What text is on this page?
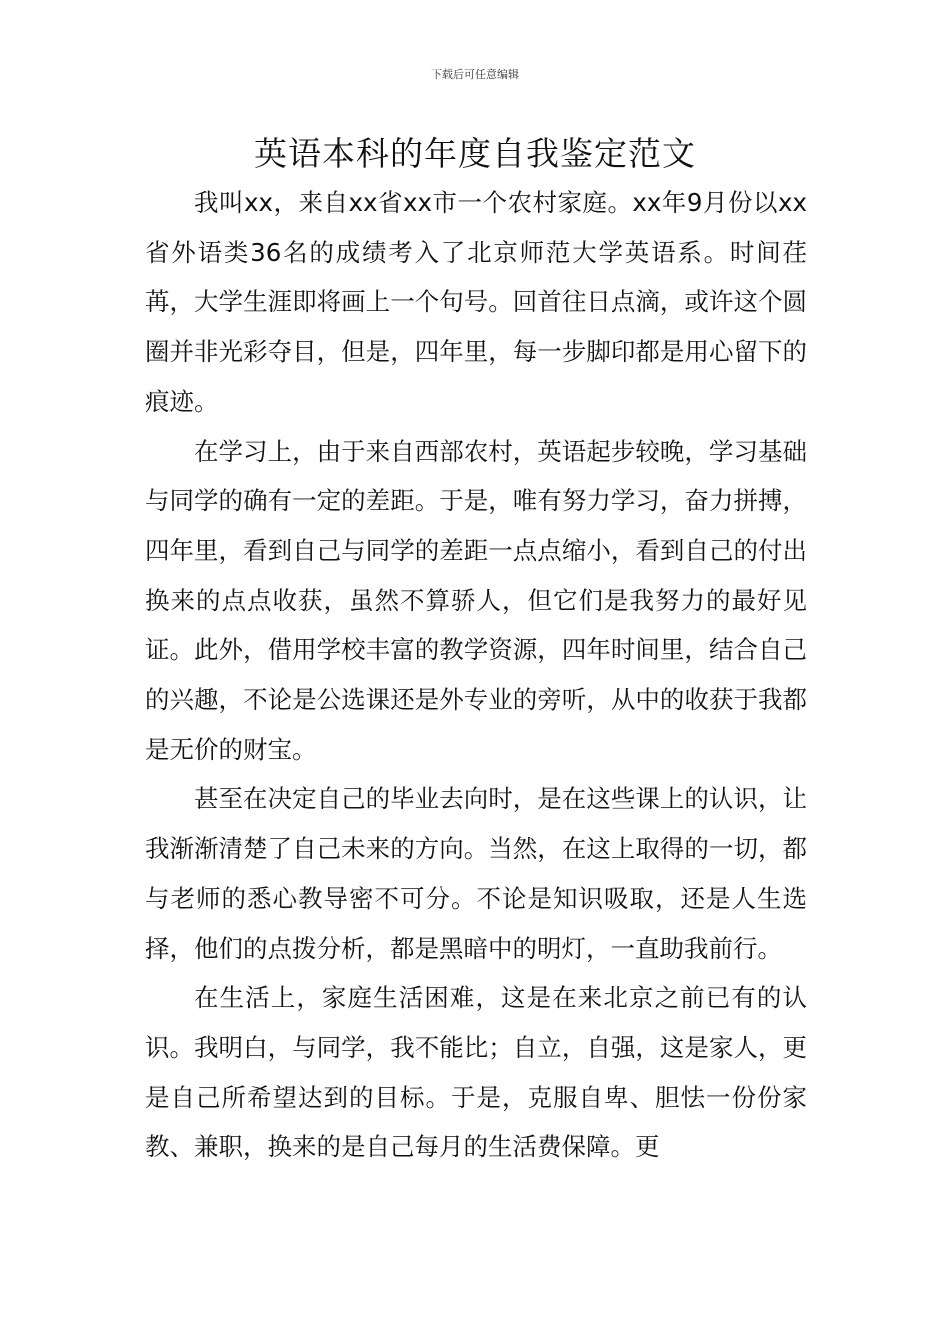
下载后可任意编辑
英语本科的年度自我鉴定范文

我叫xx，来自xx省xx市一个农村家庭。xx年9月份以xx省外语类36名的成绩考入了北京师范大学英语系。时间荏苒，大学生涯即将画上一个句号。回首往日点滴，或许这个圆圈并非光彩夺目，但是，四年里，每一步脚印都是用心留下的痕迹。

在学习上，由于来自西部农村，英语起步较晚，学习基础与同学的确有一定的差距。于是，唯有努力学习，奋力拼搏，四年里，看到自己与同学的差距一点点缩小，看到自己的付出换来的点点收获，虽然不算骄人，但它们是我努力的最好见证。此外，借用学校丰富的教学资源，四年时间里，结合自己的兴趣，不论是公选课还是外专业的旁听，从中的收获于我都是无价的财宝。

甚至在决定自己的毕业去向时，是在这些课上的认识，让我渐渐清楚了自己未来的方向。当然，在这上取得的一切，都与老师的悉心教导密不可分。不论是知识吸取，还是人生选择，他们的点拨分析，都是黑暗中的明灯，一直助我前行。

在生活上，家庭生活困难，这是在来北京之前已有的认识。我明白，与同学，我不能比；自立，自强，这是家人，更是自己所希望达到的目标。于是，克服自卑、胆怯一份份家教、兼职，换来的是自己每月的生活费保障。更
